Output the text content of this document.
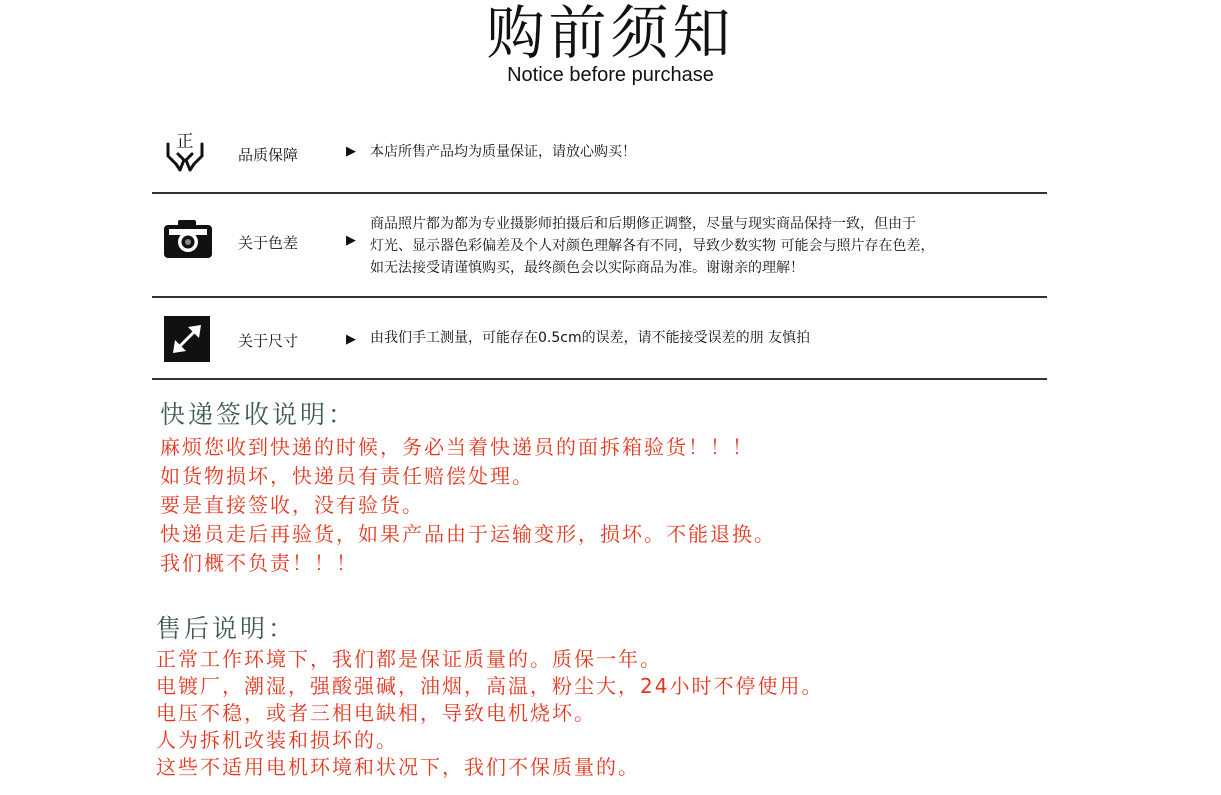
购前须知
Notice before purchase
正
品质保障	▶ 本店所售产品均为质量保证，请放心购买！
关于色差	▶
商品照片都为都为专业摄影师拍摄后和后期修正调整，尽量与现实商品保持一致，但由于
灯光、显示器色彩偏差及个人对颜色理解各有不同，导致少数实物 可能会与照片存在色差，
如无法接受请谨慎购买，最终颜色会以实际商品为准。谢谢亲的理解！
关于尺寸	▶ 由我们手工测量，可能存在0.5cm的误差，请不能接受误差的朋 友慎拍
快递签收说明：
麻烦您收到快递的时候，务必当着快递员的面拆箱验货！！！
如货物损坏，快递员有责任赔偿处理。
要是直接签收，没有验货。
快递员走后再验货，如果产品由于运输变形，损坏。不能退换。
我们概不负责！！！
售后说明：
正常工作环境下，我们都是保证质量的。质保一年。
电镀厂，潮湿，强酸强碱，油烟，高温，粉尘大，24小时不停使用。
电压不稳，或者三相电缺相，导致电机烧坏。
人为拆机改装和损坏的。
这些不适用电机环境和状况下，我们不保质量的。
